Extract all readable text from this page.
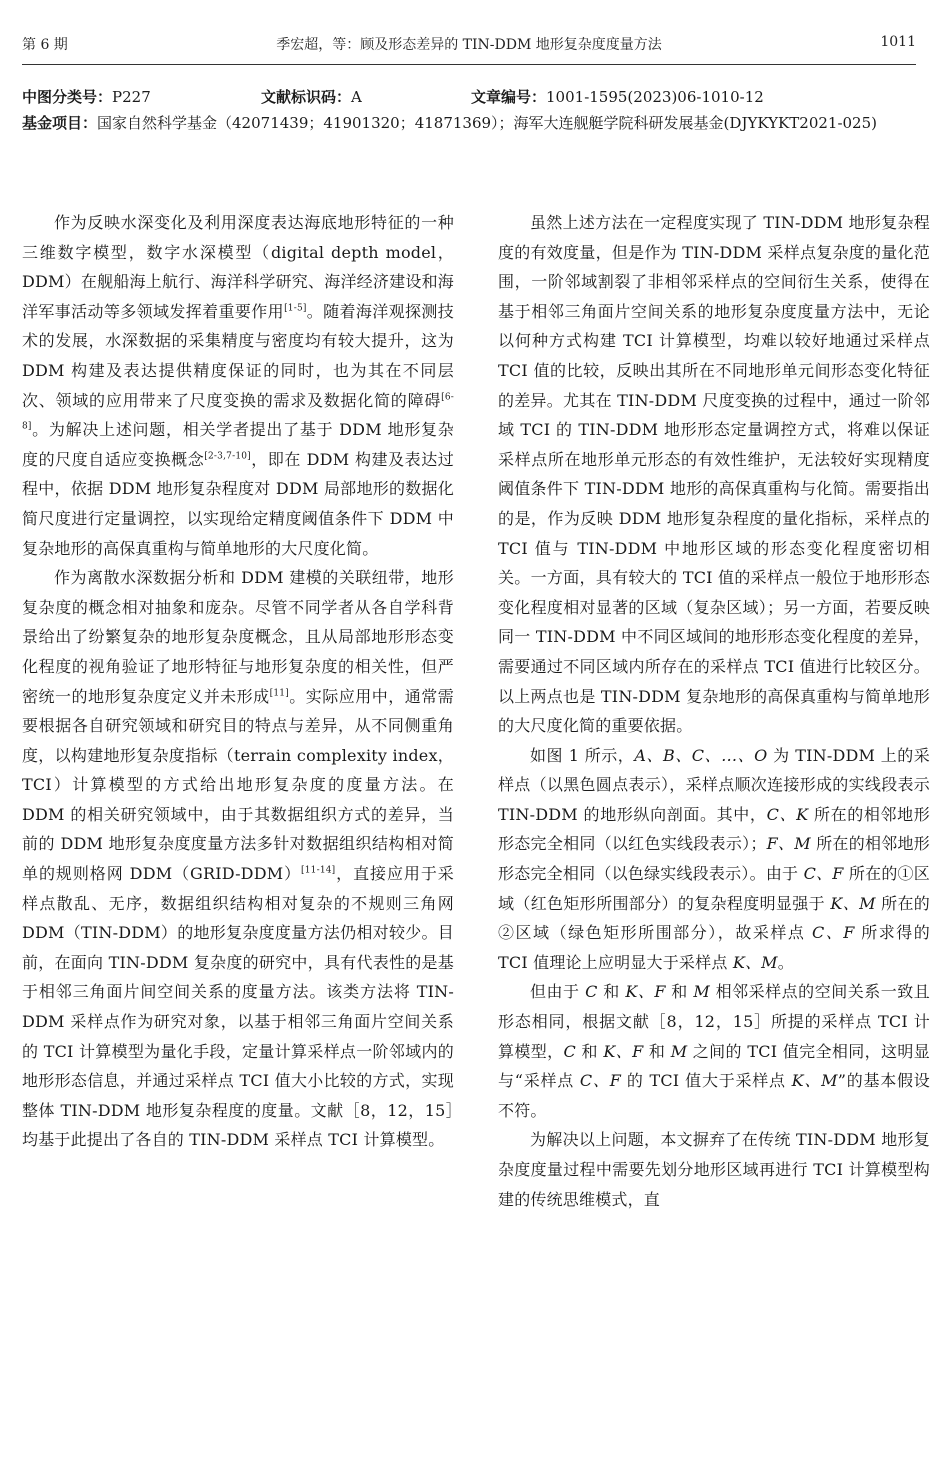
第 6 期	季宏超，等：顾及形态差异的 TIN-DDM 地形复杂度度量方法	1011
中图分类号：P227	文献标识码：A	文章编号：1001-1595(2023)06-1010-12

基金项目：国家自然科学基金（42071439；41901320；41871369）；海军大连舰艇学院科研发展基金(DJYKYKT2021-025)

作为反映水深变化及利用深度表达海底地形特征的一种三维数字模型，数字水深模型（digital depth model，DDM）在舰船海上航行、海洋科学研究、海洋经济建设和海洋军事活动等多领域发挥着重要作用[1-5]。随着海洋观探测技术的发展，水深数据的采集精度与密度均有较大提升，这为 DDM 构建及表达提供精度保证的同时，也为其在不同层次、领域的应用带来了尺度变换的需求及数据化简的障碍[6-8]。为解决上述问题，相关学者提出了基于 DDM 地形复杂度的尺度自适应变换概念[2-3,7-10]，即在 DDM 构建及表达过程中，依据 DDM 地形复杂程度对 DDM 局部地形的数据化简尺度进行定量调控，以实现给定精度阈值条件下 DDM 中复杂地形的高保真重构与简单地形的大尺度化简。

作为离散水深数据分析和 DDM 建模的关联纽带，地形复杂度的概念相对抽象和庞杂。尽管不同学者从各自学科背景给出了纷繁复杂的地形复杂度概念，且从局部地形形态变化程度的视角验证了地形特征与地形复杂度的相关性，但严密统一的地形复杂度定义并未形成[11]。实际应用中，通常需要根据各自研究领域和研究目的特点与差异，从不同侧重角度，以构建地形复杂度指标（terrain complexity index，TCI）计算模型的方式给出地形复杂度的度量方法。在 DDM 的相关研究领域中，由于其数据组织方式的差异，当前的 DDM 地形复杂度度量方法多针对数据组织结构相对简单的规则格网 DDM（GRID-DDM）[11-14]，直接应用于采样点散乱、无序，数据组织结构相对复杂的不规则三角网 DDM（TIN-DDM）的地形复杂度度量方法仍相对较少。目前，在面向 TIN-DDM 复杂度的研究中，具有代表性的是基于相邻三角面片间空间关系的度量方法。该类方法将 TIN-DDM 采样点作为研究对象，以基于相邻三角面片空间关系的 TCI 计算模型为量化手段，定量计算采样点一阶邻域内的地形形态信息，并通过采样点 TCI 值大小比较的方式，实现整体 TIN-DDM 地形复杂程度的度量。文献［8，12，15］均基于此提出了各自的 TIN-DDM 采样点 TCI 计算模型。

虽然上述方法在一定程度实现了 TIN-DDM 地形复杂程度的有效度量，但是作为 TIN-DDM 采样点复杂度的量化范围，一阶邻域割裂了非相邻采样点的空间衍生关系，使得在基于相邻三角面片空间关系的地形复杂度度量方法中，无论以何种方式构建 TCI 计算模型，均难以较好地通过采样点 TCI 值的比较，反映出其所在不同地形单元间形态变化特征的差异。尤其在 TIN-DDM 尺度变换的过程中，通过一阶邻域 TCI 的 TIN-DDM 地形形态定量调控方式，将难以保证采样点所在地形单元形态的有效性维护，无法较好实现精度阈值条件下 TIN-DDM 地形的高保真重构与化简。需要指出的是，作为反映 DDM 地形复杂程度的量化指标，采样点的 TCI 值与 TIN-DDM 中地形区域的形态变化程度密切相关。一方面，具有较大的 TCI 值的采样点一般位于地形形态变化程度相对显著的区域（复杂区域）；另一方面，若要反映同一 TIN-DDM 中不同区域间的地形形态变化程度的差异，需要通过不同区域内所存在的采样点 TCI 值进行比较区分。以上两点也是 TIN-DDM 复杂地形的高保真重构与简单地形的大尺度化简的重要依据。

如图 1 所示，A、B、C、…、O 为 TIN-DDM 上的采样点（以黑色圆点表示），采样点顺次连接形成的实线段表示 TIN-DDM 的地形纵向剖面。其中，C、K 所在的相邻地形形态完全相同（以红色实线段表示）；F、M 所在的相邻地形形态完全相同（以色绿实线段表示）。由于 C、F 所在的①区域（红色矩形所围部分）的复杂程度明显强于 K、M 所在的②区域（绿色矩形所围部分），故采样点 C、F 所求得的 TCI 值理论上应明显大于采样点 K、M。

但由于 C 和 K、F 和 M 相邻采样点的空间关系一致且形态相同，根据文献［8，12，15］所提的采样点 TCI 计算模型，C 和 K、F 和 M 之间的 TCI 值完全相同，这明显与“采样点 C、F 的 TCI 值大于采样点 K、M”的基本假设不符。

为解决以上问题，本文摒弃了在传统 TIN-DDM 地形复杂度度量过程中需要先划分地形区域再进行 TCI 计算模型构建的传统思维模式，直
